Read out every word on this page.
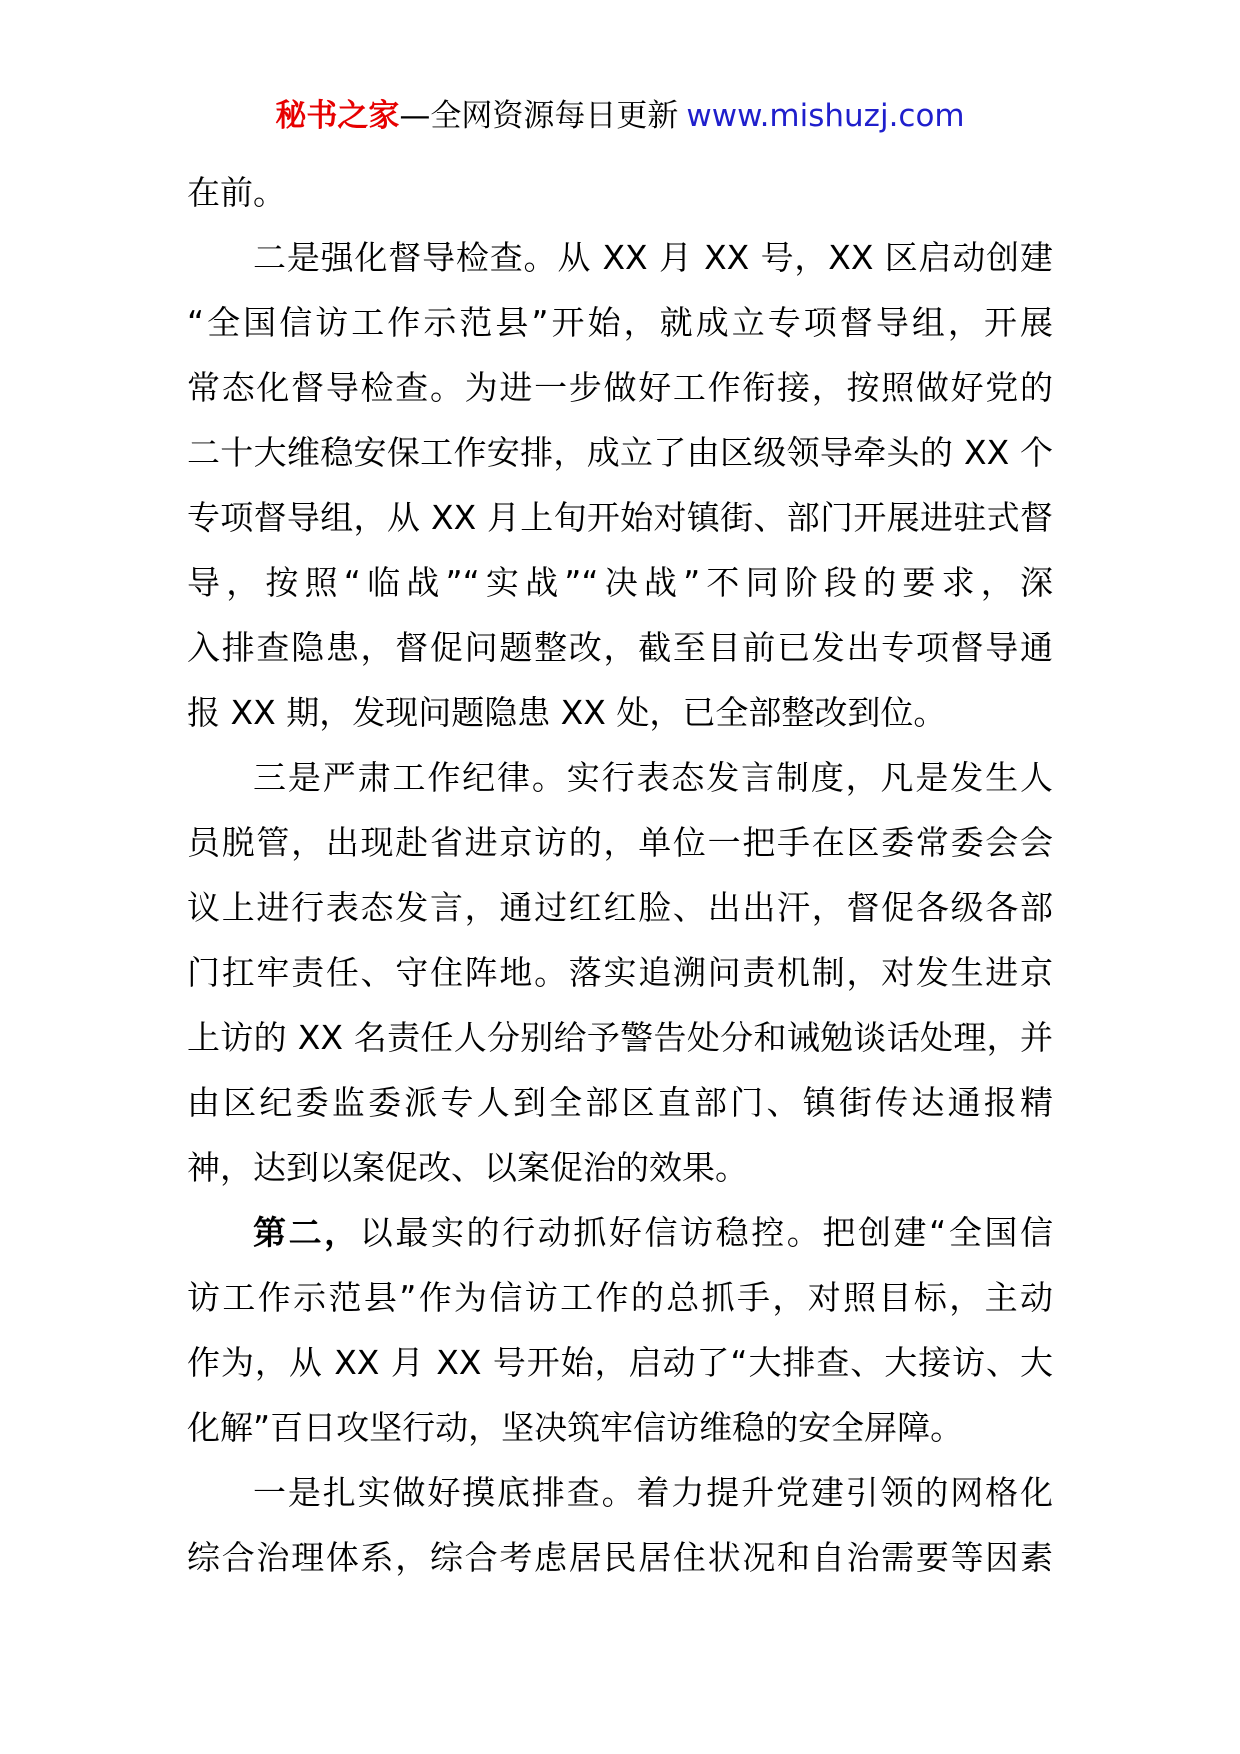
秘书之家—全网资源每日更新 www.mishuzj.com
在前。
二是强化督导检查。从 XX 月 XX 号，XX 区启动创建
“全国信访工作示范县”开始，就成立专项督导组，开展
常态化督导检查。为进一步做好工作衔接，按照做好党的
二十大维稳安保工作安排，成立了由区级领导牵头的 XX 个
专项督导组，从 XX 月上旬开始对镇街、部门开展进驻式督
导，按照“临战”“实战”“决战”不同阶段的要求，深
入排查隐患，督促问题整改，截至目前已发出专项督导通
报 XX 期，发现问题隐患 XX 处，已全部整改到位。
三是严肃工作纪律。实行表态发言制度，凡是发生人
员脱管，出现赴省进京访的，单位一把手在区委常委会会
议上进行表态发言，通过红红脸、出出汗，督促各级各部
门扛牢责任、守住阵地。落实追溯问责机制，对发生进京
上访的 XX 名责任人分别给予警告处分和诫勉谈话处理，并
由区纪委监委派专人到全部区直部门、镇街传达通报精
神，达到以案促改、以案促治的效果。
第二，以最实的行动抓好信访稳控。把创建“全国信
访工作示范县”作为信访工作的总抓手，对照目标，主动
作为，从 XX 月 XX 号开始，启动了“大排查、大接访、大
化解”百日攻坚行动，坚决筑牢信访维稳的安全屏障。
一是扎实做好摸底排查。着力提升党建引领的网格化
综合治理体系，综合考虑居民居住状况和自治需要等因素
